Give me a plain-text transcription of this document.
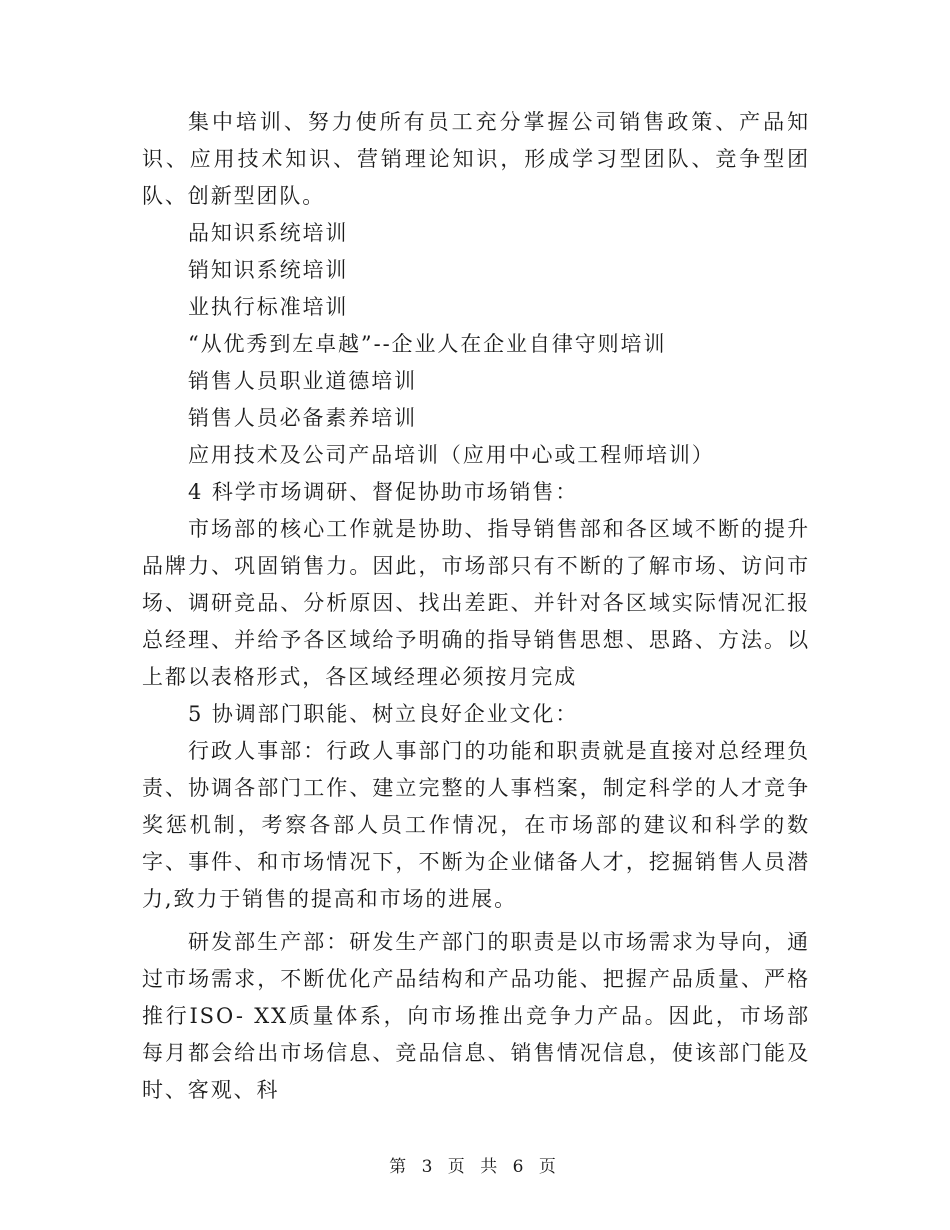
集中培训、努力使所有员工充分掌握公司销售政策、产品知识、应用技术知识、营销理论知识，形成学习型团队、竞争型团队、创新型团队。

品知识系统培训

销知识系统培训

业执行标准培训

“从优秀到左卓越”--企业人在企业自律守则培训

销售人员职业道德培训

销售人员必备素养培训

应用技术及公司产品培训（应用中心或工程师培训）

4 科学市场调研、督促协助市场销售：

市场部的核心工作就是协助、指导销售部和各区域不断的提升品牌力、巩固销售力。因此，市场部只有不断的了解市场、访问市场、调研竞品、分析原因、找出差距、并针对各区域实际情况汇报总经理、并给予各区域给予明确的指导销售思想、思路、方法。以上都以表格形式，各区域经理必须按月完成

5 协调部门职能、树立良好企业文化：

行政人事部：行政人事部门的功能和职责就是直接对总经理负责、协调各部门工作、建立完整的人事档案，制定科学的人才竞争奖惩机制，考察各部人员工作情况，在市场部的建议和科学的数字、事件、和市场情况下，不断为企业储备人才，挖掘销售人员潜力,致力于销售的提高和市场的进展。

研发部生产部：研发生产部门的职责是以市场需求为导向，通过市场需求，不断优化产品结构和产品功能、把握产品质量、严格推行ISO- XX质量体系，向市场推出竞争力产品。因此，市场部每月都会给出市场信息、竞品信息、销售情况信息，使该部门能及时、客观、科

第 3 页 共 6 页
